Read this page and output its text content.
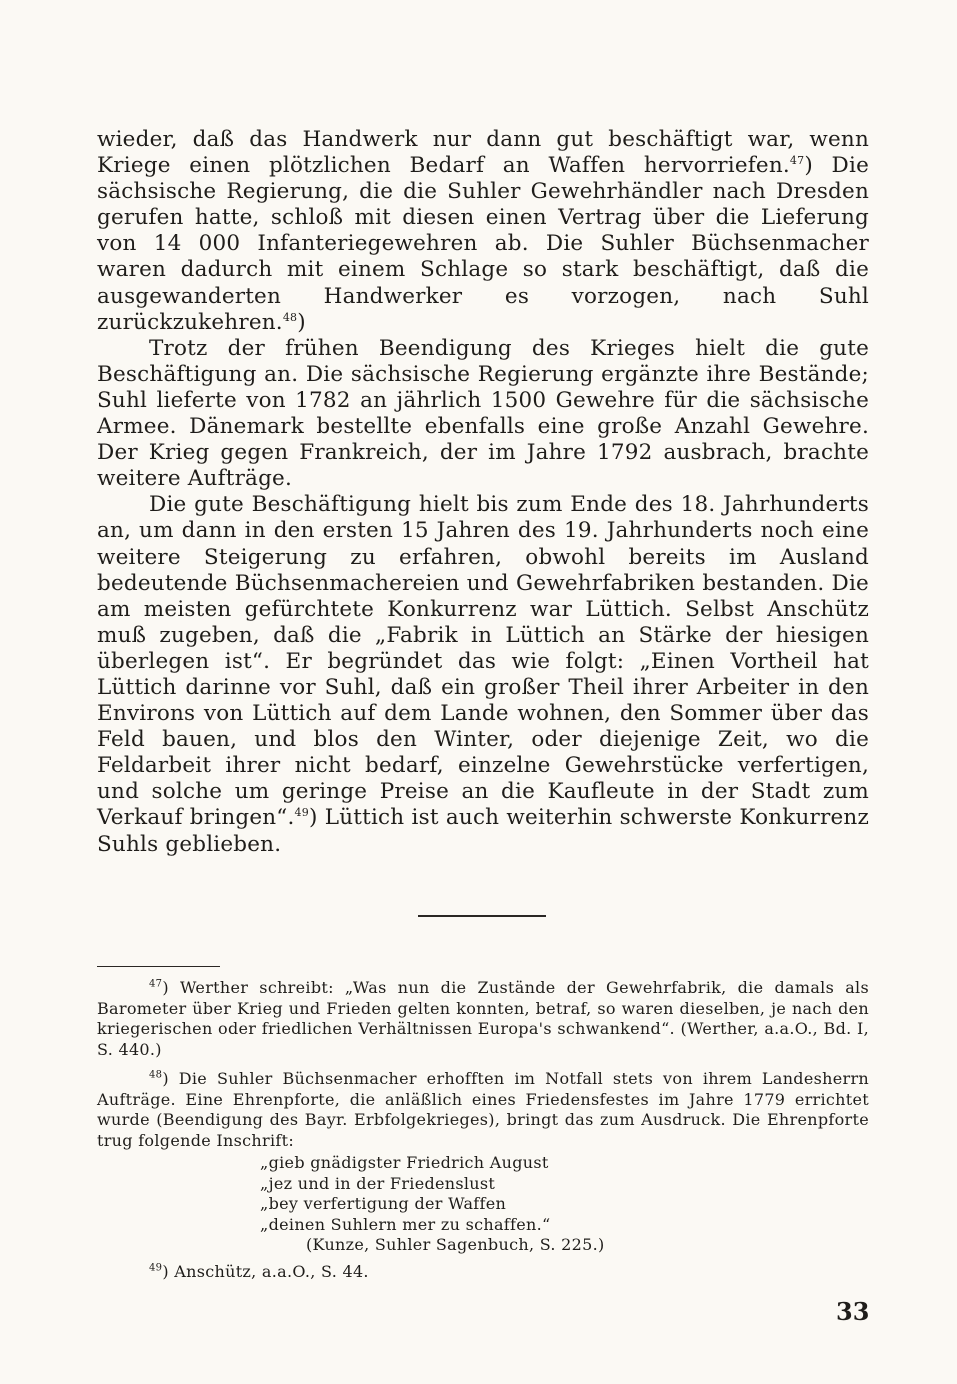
wieder, daß das Handwerk nur dann gut beschäftigt war, wenn Kriege einen plötzlichen Bedarf an Waffen hervorriefen.$^{47}$) Die sächsische Regierung, die die Suhler Gewehrhändler nach Dresden gerufen hatte, schloß mit diesen einen Vertrag über die Lieferung von 14 000 Infanteriegewehren ab. Die Suhler Büchsenmacher waren dadurch mit einem Schlage so stark beschäftigt, daß die ausgewanderten Handwerker es vorzogen, nach Suhl zurückzukehren.$^{48}$)

Trotz der frühen Beendigung des Krieges hielt die gute Beschäftigung an. Die sächsische Regierung ergänzte ihre Bestände; Suhl lieferte von 1782 an jährlich 1500 Gewehre für die sächsische Armee. Dänemark bestellte ebenfalls eine große Anzahl Gewehre. Der Krieg gegen Frankreich, der im Jahre 1792 ausbrach, brachte weitere Aufträge.

Die gute Beschäftigung hielt bis zum Ende des 18. Jahrhunderts an, um dann in den ersten 15 Jahren des 19. Jahrhunderts noch eine weitere Steigerung zu erfahren, obwohl bereits im Ausland bedeutende Büchsenmachereien und Gewehrfabriken bestanden. Die am meisten gefürchtete Konkurrenz war Lüttich. Selbst Anschütz muß zugeben, daß die „Fabrik in Lüttich an Stärke der hiesigen überlegen ist“. Er begründet das wie folgt: „Einen Vortheil hat Lüttich darinne vor Suhl, daß ein großer Theil ihrer Arbeiter in den Environs von Lüttich auf dem Lande wohnen, den Sommer über das Feld bauen, und blos den Winter, oder diejenige Zeit, wo die Feldarbeit ihrer nicht bedarf, einzelne Gewehrstücke verfertigen, und solche um geringe Preise an die Kaufleute in der Stadt zum Verkauf bringen“.$^{49}$) Lüttich ist auch weiterhin schwerste Konkurrenz Suhls geblieben.

$^{47}$) Werther schreibt: „Was nun die Zustände der Gewehrfabrik, die damals als Barometer über Krieg und Frieden gelten konnten, betraf, so waren dieselben, je nach den kriegerischen oder friedlichen Verhältnissen Europa's schwankend“. (Werther, a.a.O., Bd. I, S. 440.)

$^{48}$) Die Suhler Büchsenmacher erhofften im Notfall stets von ihrem Landesherrn Aufträge. Eine Ehrenpforte, die anläßlich eines Friedensfestes im Jahre 1779 errichtet wurde (Beendigung des Bayr. Erbfolgekrieges), bringt das zum Ausdruck. Die Ehrenpforte trug folgende Inschrift:

„gieb gnädigster Friedrich August
„jez und in der Friedenslust
„bey verfertigung der Waffen
„deinen Suhlern mer zu schaffen.“
(Kunze, Suhler Sagenbuch, S. 225.)

$^{49}$) Anschütz, a.a.O., S. 44.

33
